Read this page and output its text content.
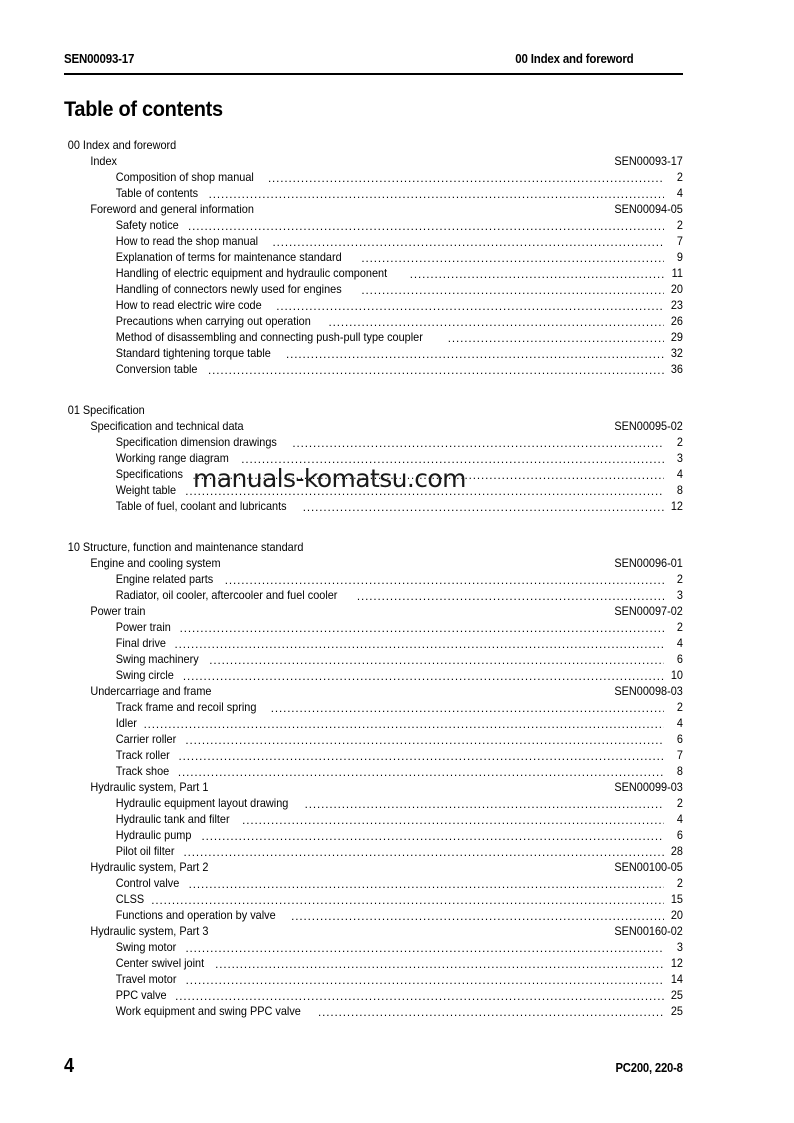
SEN00093-17	00 Index and foreword
Table of contents
00 Index and foreword
Index	SEN00093-17
Composition of shop manual .....	2
Table of contents .....	4
Foreword and general information	SEN00094-05
Safety notice .....	2
How to read the shop manual .....	7
Explanation of terms for maintenance standard .....	9
Handling of electric equipment and hydraulic component .....	11
Handling of connectors newly used for engines .....	20
How to read electric wire code .....	23
Precautions when carrying out operation .....	26
Method of disassembling and connecting push-pull type coupler .....	29
Standard tightening torque table .....	32
Conversion table .....	36
01 Specification
Specification and technical data	SEN00095-02
Specification dimension drawings .....	2
Working range diagram .....	3
Specifications .....	4
Weight table .....	8
Table of fuel, coolant and lubricants .....	12
10 Structure, function and maintenance standard
Engine and cooling system	SEN00096-01
Engine related parts .....	2
Radiator, oil cooler, aftercooler and fuel cooler .....	3
Power train	SEN00097-02
Power train .....	2
Final drive .....	4
Swing machinery .....	6
Swing circle .....	10
Undercarriage and frame	SEN00098-03
Track frame and recoil spring .....	2
Idler .....	4
Carrier roller .....	6
Track roller .....	7
Track shoe .....	8
Hydraulic system, Part 1	SEN00099-03
Hydraulic equipment layout drawing .....	2
Hydraulic tank and filter .....	4
Hydraulic pump .....	6
Pilot oil filter .....	28
Hydraulic system, Part 2	SEN00100-05
Control valve .....	2
CLSS .....	15
Functions and operation by valve .....	20
Hydraulic system, Part 3	SEN00160-02
Swing motor .....	3
Center swivel joint .....	12
Travel motor .....	14
PPC valve .....	25
Work equipment and swing PPC valve .....	25
manuals-komatsu.com
4	PC200, 220-8
